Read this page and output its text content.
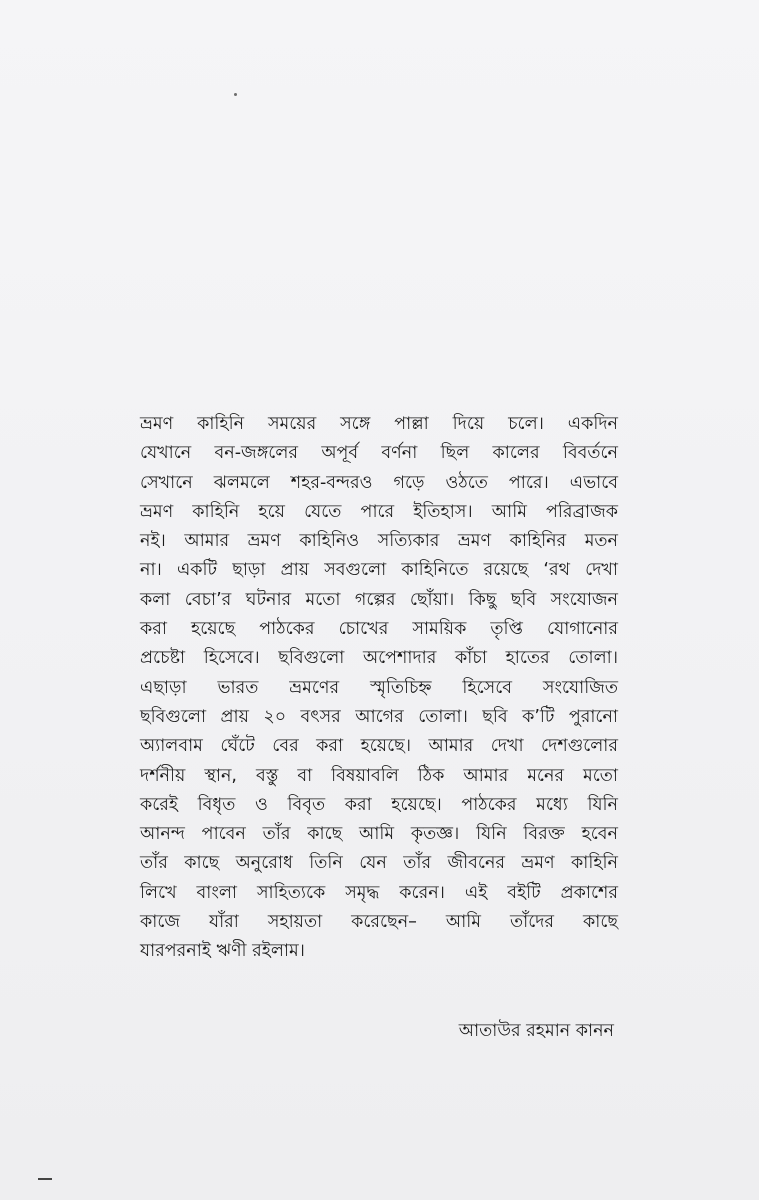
ভ্রমণ কাহিনি সময়ের সঙ্গে পাল্লা দিয়ে চলে। একদিন
যেখানে বন-জঙ্গলের অপূর্ব বর্ণনা ছিল কালের বিবর্তনে
সেখানে ঝলমলে শহর-বন্দরও গড়ে ওঠতে পারে। এভাবে
ভ্রমণ কাহিনি হয়ে যেতে পারে ইতিহাস। আমি পরিব্রাজক
নই। আমার ভ্রমণ কাহিনিও সত্যিকার ভ্রমণ কাহিনির মতন
না। একটি ছাড়া প্রায় সবগুলো কাহিনিতে রয়েছে ‘রথ দেখা
কলা বেচা’র ঘটনার মতো গল্পের ছোঁয়া। কিছু ছবি সংযোজন
করা হয়েছে পাঠকের চোখের সাময়িক তৃপ্তি যোগানোর
প্রচেষ্টা হিসেবে। ছবিগুলো অপেশাদার কাঁচা হাতের তোলা।
এছাড়া ভারত ভ্রমণের স্মৃতিচিহ্ন হিসেবে সংযোজিত
ছবিগুলো প্রায় ২০ বৎসর আগের তোলা। ছবি ক’টি পুরানো
অ্যালবাম ঘেঁটে বের করা হয়েছে। আমার দেখা দেশগুলোর
দর্শনীয় স্থান, বস্তু বা বিষয়াবলি ঠিক আমার মনের মতো
করেই বিধৃত ও বিবৃত করা হয়েছে। পাঠকের মধ্যে যিনি
আনন্দ পাবেন তাঁর কাছে আমি কৃতজ্ঞ। যিনি বিরক্ত হবেন
তাঁর কাছে অনুরোধ তিনি যেন তাঁর জীবনের ভ্রমণ কাহিনি
লিখে বাংলা সাহিত্যকে সমৃদ্ধ করেন। এই বইটি প্রকাশের
কাজে যাঁরা সহায়তা করেছেন– আমি তাঁদের কাছে
যারপরনাই ঋণী রইলাম।

আতাউর রহমান কানন
